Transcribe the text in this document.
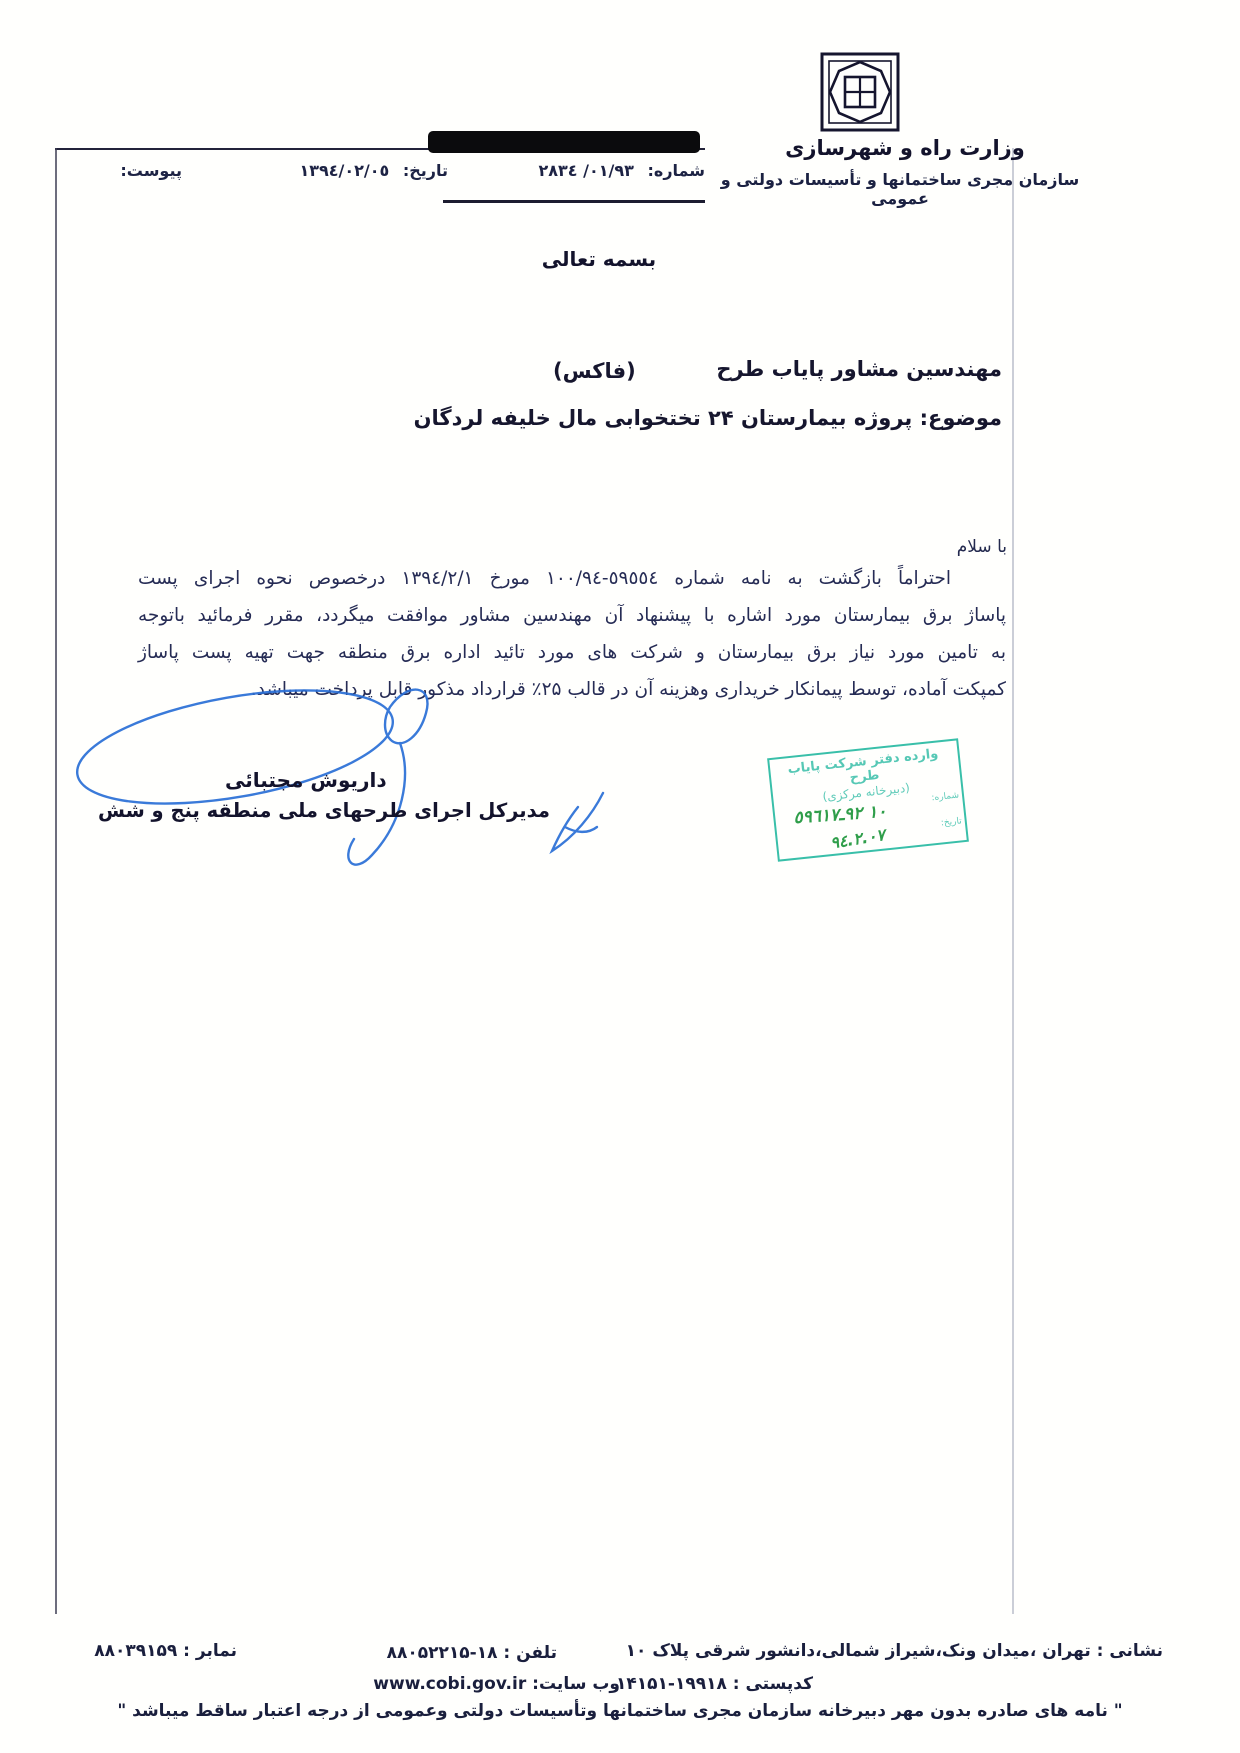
شماره: ٠١/٩٣/ ٢٨٣٤
تاریخ: ١٣٩٤/٠٢/٠٥
پیوست:
وزارت راه و شهرسازی
سازمان مجری ساختمانها و تأسیسات دولتی و عمومی
بسمه تعالی
مهندسین مشاور پایاب طرح
(فاکس)
موضوع: پروژه بیمارستان ۲۴ تختخوابی مال خلیفه لردگان
با سلام
احتراماً بازگشت به نامه شماره ٥٩٥٥٤-١٠٠/٩٤ مورخ ١٣٩٤/٢/١ درخصوص نحوه اجرای پست
پاساژ برق بیمارستان مورد اشاره با پیشنهاد آن مهندسین مشاور موافقت میگردد، مقرر فرمائید باتوجه
به تامین مورد نیاز برق بیمارستان و شرکت های مورد تائید اداره برق منطقه جهت تهیه پست پاساژ
کمپکت آماده، توسط پیمانکار خریداری وهزینه آن در قالب ۲۵٪ قرارداد مذکور قابل پرداخت میباشد.
داریوش مجتبائی
مدیرکل اجرای طرحهای ملی منطقه پنج و شش
وارده دفتر شرکت پایاب طرح
(دبیرخانه مرکزی)	شماره:
تاریخ:
١٠ ٩٢ـ٥٩٦١٧
٩٤.٢.٠٧
نشانی : تهران ،میدان ونک،شیراز شمالی،دانشور شرقی پلاک ۱۰
تلفن : ۱۸-۸۸۰۵۲۲۱۵
نمابر : ۸۸۰۳۹۱۵۹
کدپستی : ۱۹۹۱۸-۱۴۱۵۱
وب سایت: www.cobi.gov.ir
" نامه های صادره بدون مهر دبیرخانه سازمان مجری ساختمانها وتأسیسات دولتی وعمومی از درجه اعتبار ساقط میباشد "
